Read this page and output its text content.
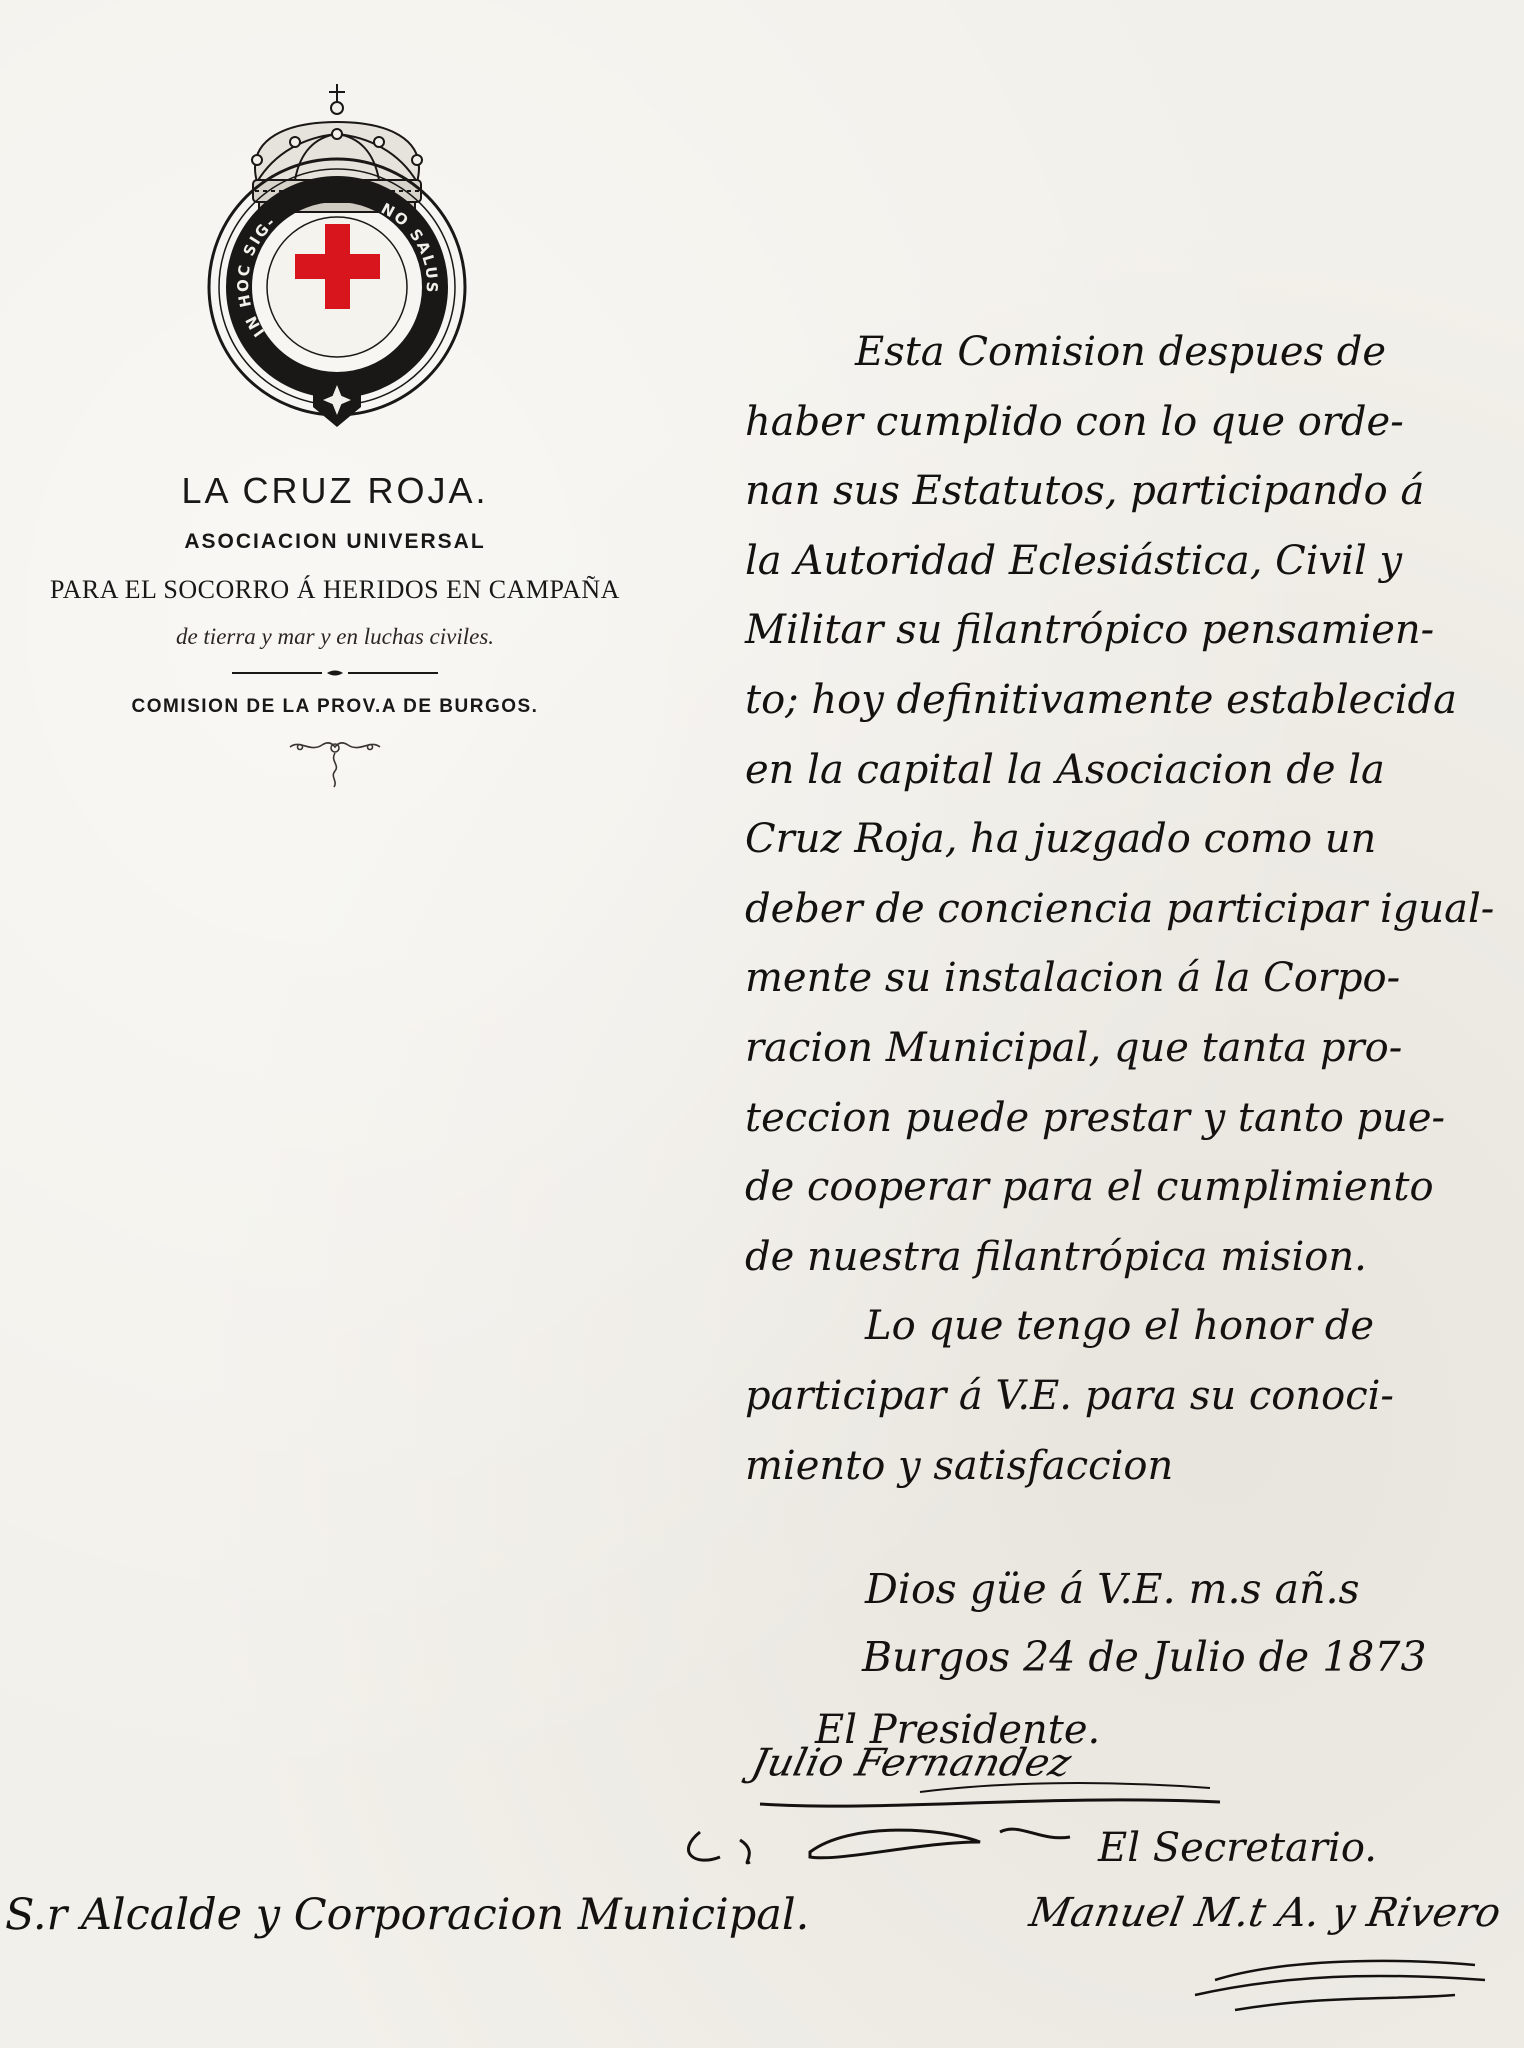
IN HOC SIG-	NO SALUS
LA CRUZ ROJA.
ASOCIACION UNIVERSAL
PARA EL SOCORRO Á HERIDOS EN CAMPAÑA
de tierra y mar y en luchas civiles.
COMISION DE LA PROV.A DE BURGOS.
Esta Comision despues de
haber cumplido con lo que orde-
nan sus Estatutos, participando á
la Autoridad Eclesiástica, Civil y
Militar su filantrópico pensamien-
to; hoy definitivamente establecida
en la capital la Asociacion de la
Cruz Roja, ha juzgado como un
deber de conciencia participar igual-
mente su instalacion á la Corpo-
racion Municipal, que tanta pro-
teccion puede prestar y tanto pue-
de cooperar para el cumplimiento
de nuestra filantrópica mision.
Lo que tengo el honor de
participar á V.E. para su conoci-
miento y satisfaccion
Dios güe á V.E. m.s añ.s
Burgos 24 de Julio de 1873
El Presidente.
Julio Fernandez
El Secretario.
S.r Alcalde y Corporacion Municipal.	Manuel M.t A. y Rivero
